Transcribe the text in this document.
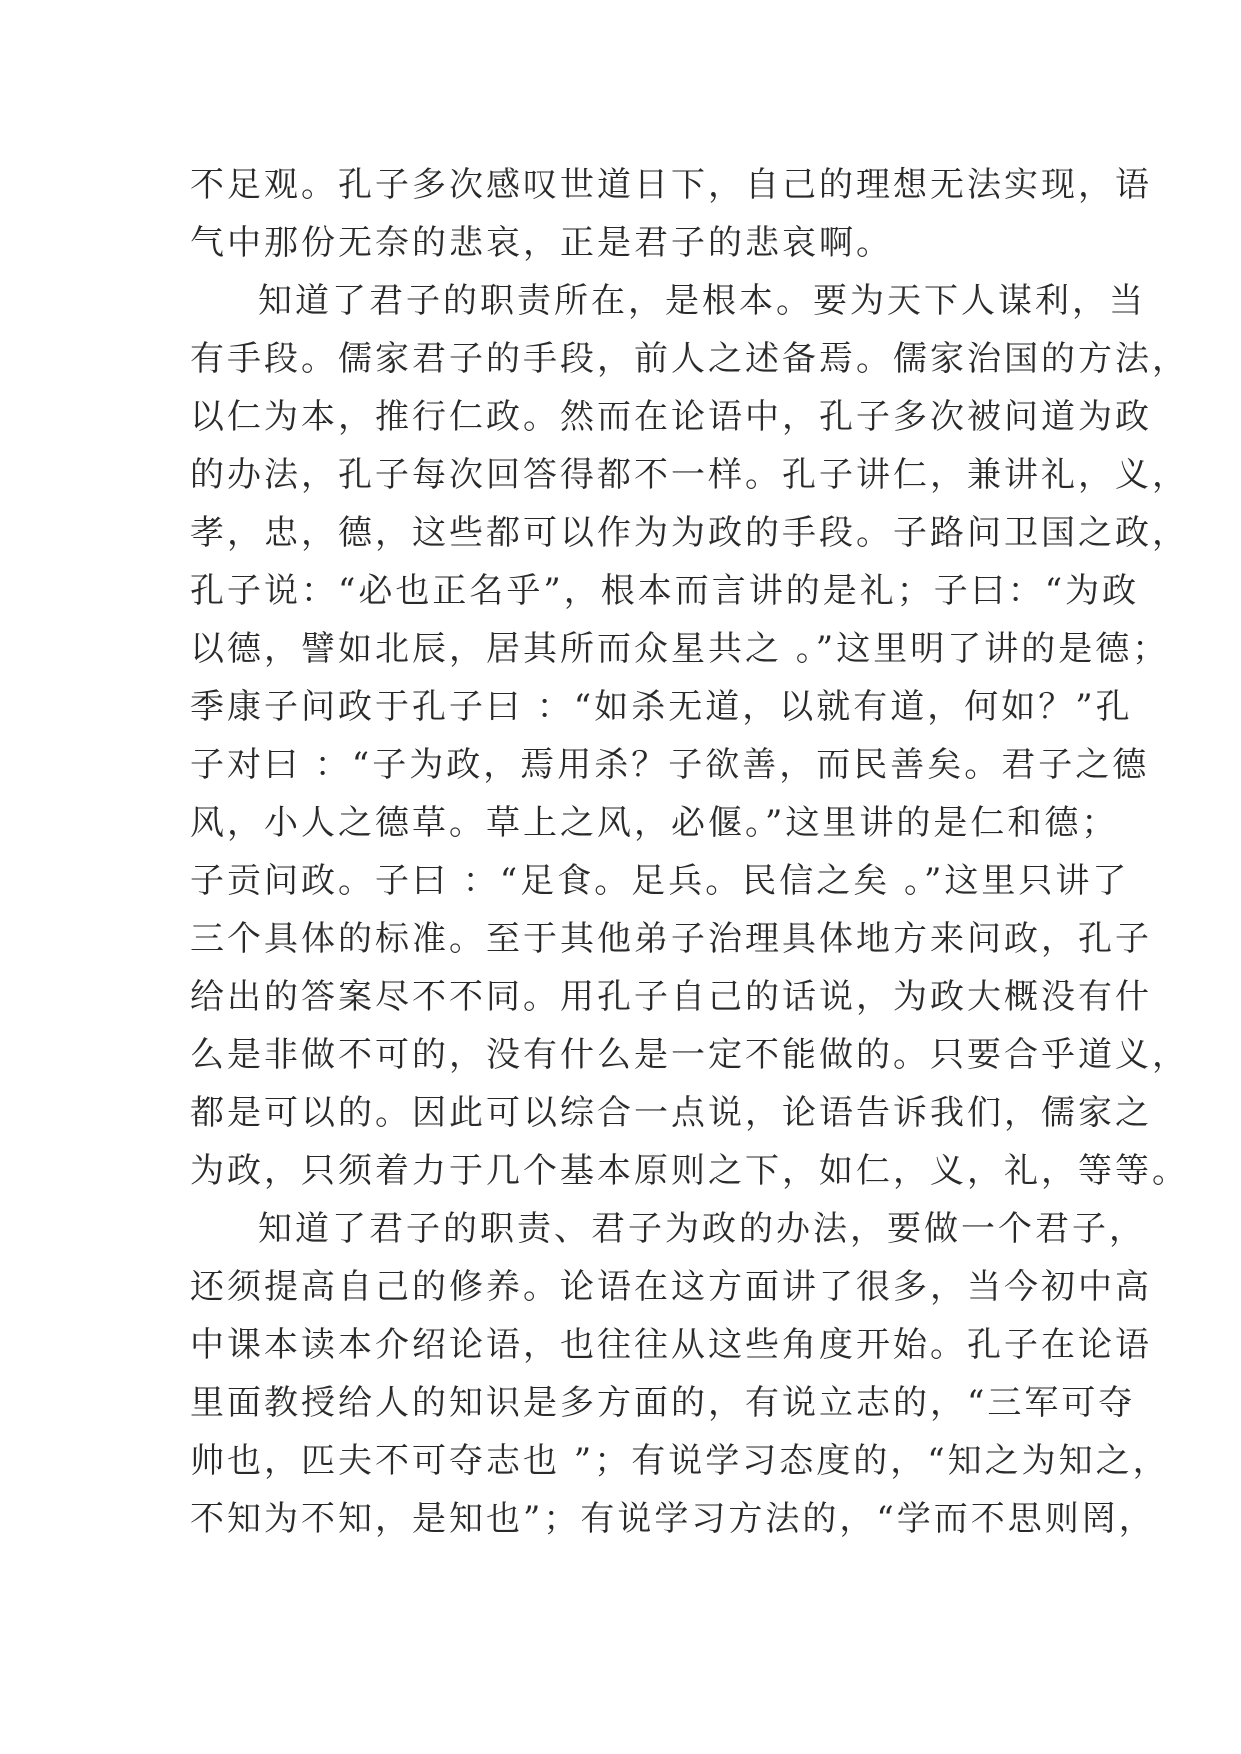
不足观。孔子多次感叹世道日下，自己的理想无法实现，语
气中那份无奈的悲哀，正是君子的悲哀啊。
知道了君子的职责所在，是根本。要为天下人谋利，当
有手段。儒家君子的手段，前人之述备焉。儒家治国的方法，
以仁为本，推行仁政。然而在论语中，孔子多次被问道为政
的办法，孔子每次回答得都不一样。孔子讲仁，兼讲礼，义，
孝，忠，德，这些都可以作为为政的手段。子路问卫国之政，
孔子说：“必也正名乎”，根本而言讲的是礼；子曰：“为政
以德，譬如北辰，居其所而众星共之 。”这里明了讲的是德；
季康子问政于孔子曰 ：“如杀无道，以就有道，何如？”孔
子对曰 ：“子为政，焉用杀？子欲善，而民善矣。君子之德
风，小人之德草。草上之风，必偃。”这里讲的是仁和德；
子贡问政。子曰 ：“足食。足兵。民信之矣 。”这里只讲了
三个具体的标准。至于其他弟子治理具体地方来问政，孔子
给出的答案尽不不同。用孔子自己的话说，为政大概没有什
么是非做不可的，没有什么是一定不能做的。只要合乎道义，
都是可以的。因此可以综合一点说，论语告诉我们，儒家之
为政，只须着力于几个基本原则之下，如仁，义，礼，等等。
知道了君子的职责、君子为政的办法，要做一个君子，
还须提高自己的修养。论语在这方面讲了很多，当今初中高
中课本读本介绍论语，也往往从这些角度开始。孔子在论语
里面教授给人的知识是多方面的，有说立志的，“三军可夺
帅也，匹夫不可夺志也 ”；有说学习态度的，“知之为知之，
不知为不知，是知也”；有说学习方法的，“学而不思则罔，
